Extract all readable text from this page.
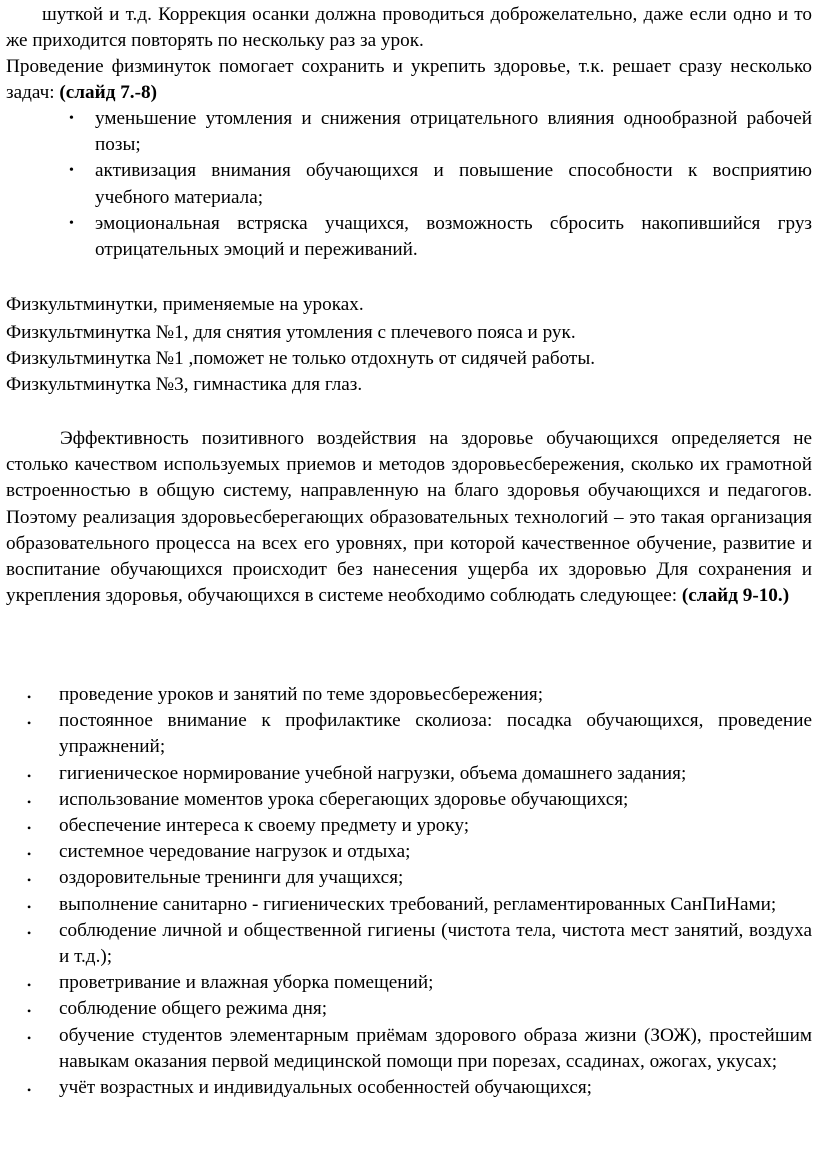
шуткой и т.д. Коррекция осанки должна проводиться доброжелательно, даже если одно и то же приходится повторять по нескольку раз за урок.

Проведение физминуток помогает сохранить и укрепить здоровье, т.к. решает сразу несколько задач: (слайд 7.-8)

• уменьшение утомления и снижения отрицательного влияния однообразной рабочей позы;
• активизация внимания обучающихся и повышение способности к восприятию учебного материала;
• эмоциональная встряска учащихся, возможность сбросить накопившийся груз отрицательных эмоций и переживаний.

Физкультминутки, применяемые на уроках.

Физкультминутка №1, для снятия утомления с плечевого пояса и рук.

Физкультминутка №1 ,поможет не только отдохнуть от сидячей работы.

Физкультминутка №3, гимнастика для глаз.

Эффективность позитивного воздействия на здоровье обучающихся определяется не столько качеством используемых приемов и методов здоровьесбережения, сколько их грамотной встроенностью в общую систему, направленную на благо здоровья обучающихся и педагогов. Поэтому реализация здоровьесберегающих образовательных технологий – это такая организация образовательного процесса на всех его уровнях, при которой качественное обучение, развитие и воспитание обучающихся происходит без нанесения ущерба их здоровью Для сохранения и укрепления здоровья, обучающихся в системе необходимо соблюдать следующее: (слайд 9-10.)

• проведение уроков и занятий по теме здоровьесбережения;
• постоянное внимание к профилактике сколиоза: посадка обучающихся, проведение упражнений;
• гигиеническое нормирование учебной нагрузки, объема домашнего задания;
• использование моментов урока сберегающих здоровье обучающихся;
• обеспечение интереса к своему предмету и уроку;
• системное чередование нагрузок и отдыха;
• оздоровительные тренинги для учащихся;
• выполнение санитарно - гигиенических требований, регламентированных СанПиНами;
• соблюдение личной и общественной гигиены (чистота тела, чистота мест занятий, воздуха и т.д.);
• проветривание и влажная уборка помещений;
• соблюдение общего режима дня;
• обучение студентов элементарным приёмам здорового образа жизни (ЗОЖ), простейшим навыкам оказания первой медицинской помощи при порезах, ссадинах, ожогах, укусах;
• учёт возрастных и индивидуальных особенностей обучающихся;
